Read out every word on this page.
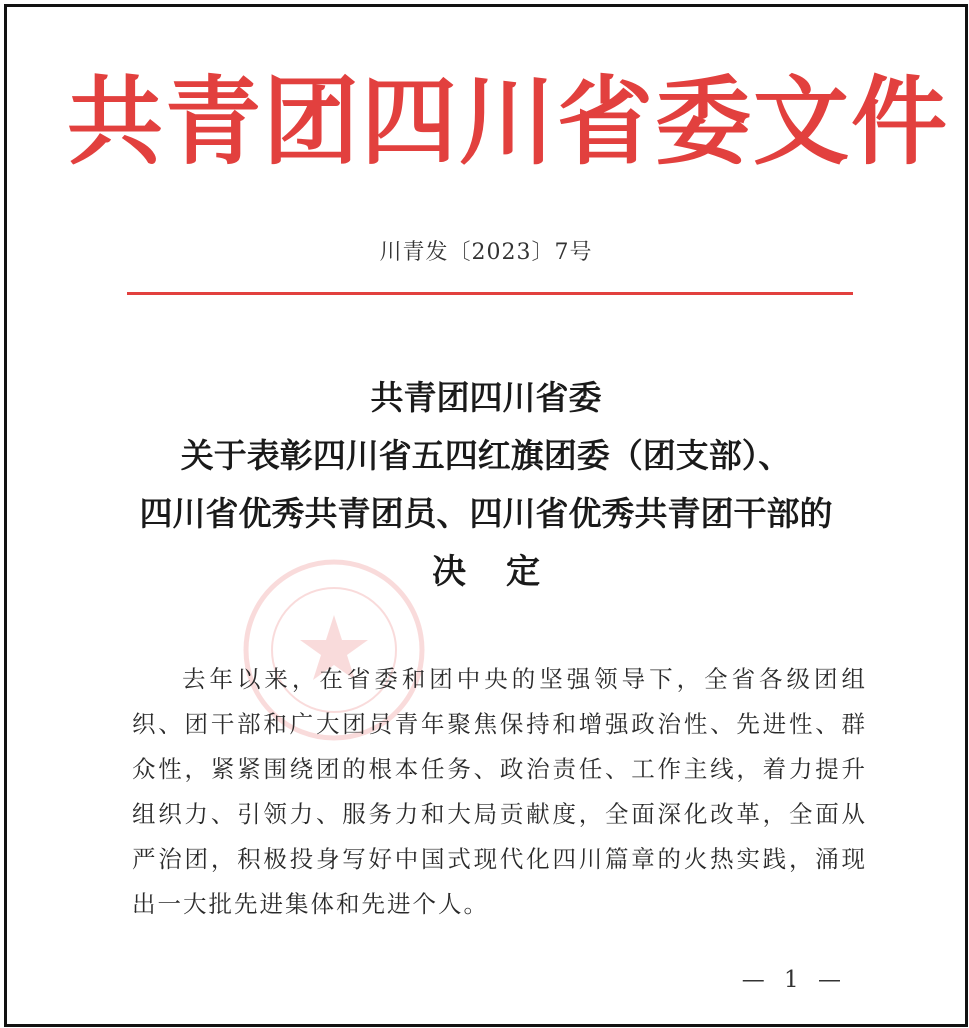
共青团四川省委文件
川青发〔2023〕7号
共青团四川省委
关于表彰四川省五四红旗团委（团支部）、
四川省优秀共青团员、四川省优秀共青团干部的
决定
去年以来，在省委和团中央的坚强领导下，全省各级团组织、团干部和广大团员青年聚焦保持和增强政治性、先进性、群众性，紧紧围绕团的根本任务、政治责任、工作主线，着力提升组织力、引领力、服务力和大局贡献度，全面深化改革，全面从严治团，积极投身写好中国式现代化四川篇章的火热实践，涌现出一大批先进集体和先进个人。
— 1 —
